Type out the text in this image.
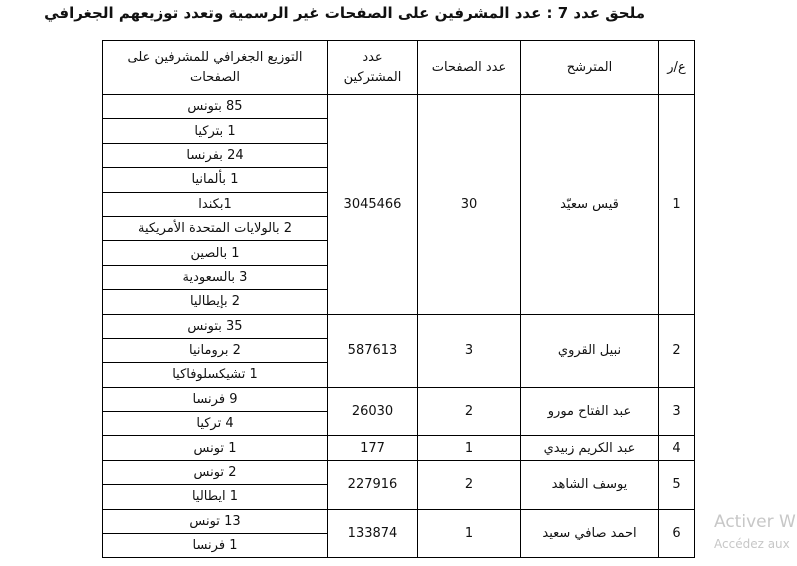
ملحق عدد 7 : عدد المشرفين على الصفحات غير الرسمية وتعدد توزيعهم الجغرافي
ع/ر	المترشح	عدد الصفحات	عدد المشتركين	التوزيع الجغرافي للمشرفين على الصفحات
1	قيس سعيّد	30	3045466	85 بتونس
				1 بتركيا
				24 بفرنسا
				1 بألمانيا
				1بكندا
				2 بالولايات المتحدة الأمريكية
				1 بالصين
				3 بالسعودية
				2 بإيطاليا
2	نبيل القروي	3	587613	35 بتونس
				2 برومانيا
				1 تشيكسلوفاكيا
3	عبد الفتاح مورو	2	26030	9 فرنسا
				4 تركيا
4	عبد الكريم زبيدي	1	177	1 تونس
5	يوسف الشاهد	2	227916	2 تونس
				1 ايطاليا
6	احمد صافي سعيد	1	133874	13 تونس
				1 فرنسا
Activer W
Accédez aux
